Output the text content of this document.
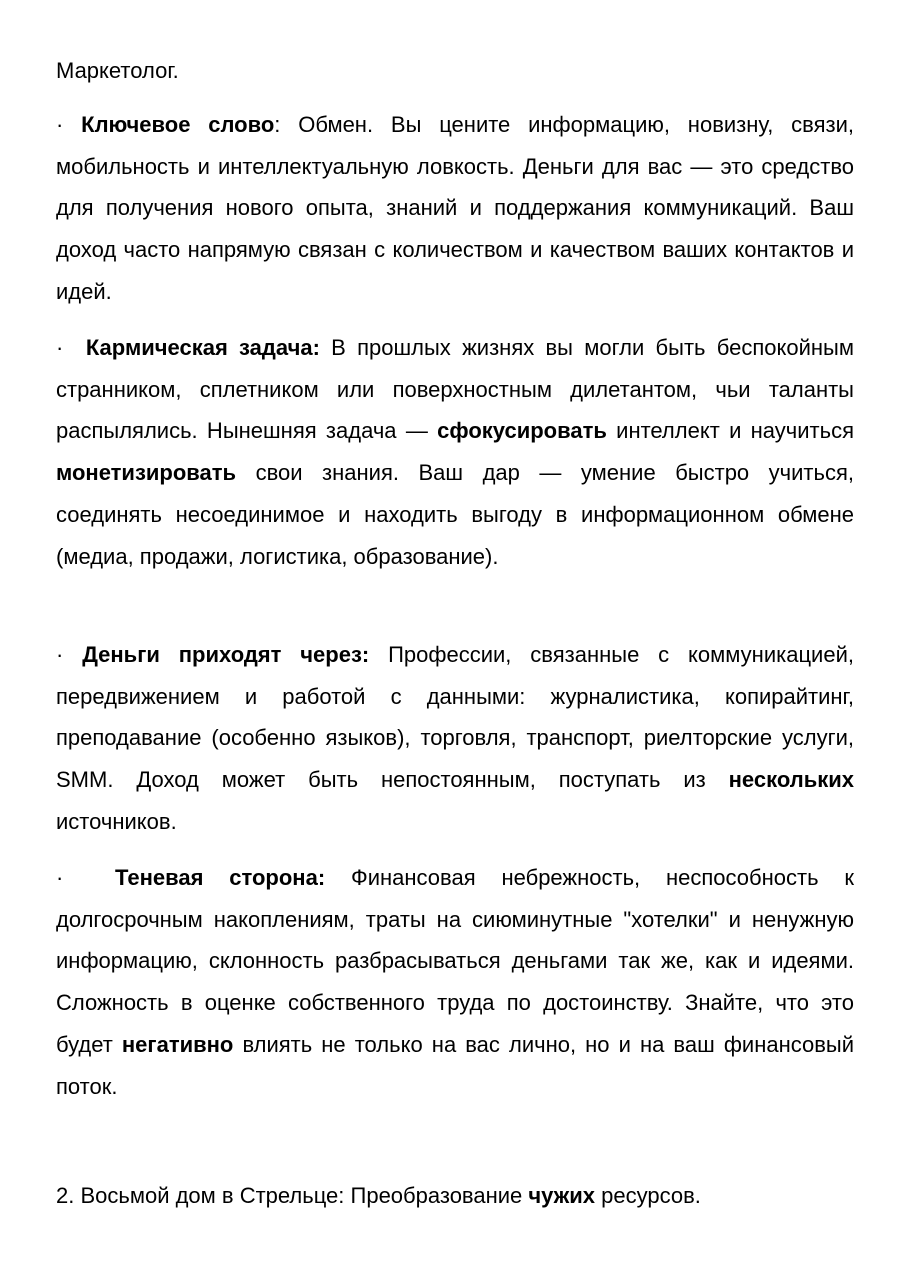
Маркетолог.

· Ключевое слово: Обмен. Вы цените информацию, новизну, связи, мобильность и интеллектуальную ловкость. Деньги для вас — это средство для получения нового опыта, знаний и поддержания коммуникаций. Ваш доход часто напрямую связан с количеством и качеством ваших контактов и идей.

· Кармическая задача: В прошлых жизнях вы могли быть беспокойным странником, сплетником или поверхностным дилетантом, чьи таланты распылялись. Нынешняя задача — сфокусировать интеллект и научиться монетизировать свои знания. Ваш дар — умение быстро учиться, соединять несоединимое и находить выгоду в информационном обмене (медиа, продажи, логистика, образование).

· Деньги приходят через: Профессии, связанные с коммуникацией, передвижением и работой с данными: журналистика, копирайтинг, преподавание (особенно языков), торговля, транспорт, риелторские услуги, SMM. Доход может быть непостоянным, поступать из нескольких источников.

· Теневая сторона: Финансовая небрежность, неспособность к долгосрочным накоплениям, траты на сиюминутные "хотелки" и ненужную информацию, склонность разбрасываться деньгами так же, как и идеями. Сложность в оценке собственного труда по достоинству. Знайте, что это будет негативно влиять не только на вас лично, но и на ваш финансовый поток.

2. Восьмой дом в Стрельце: Преобразование чужих ресурсов.
